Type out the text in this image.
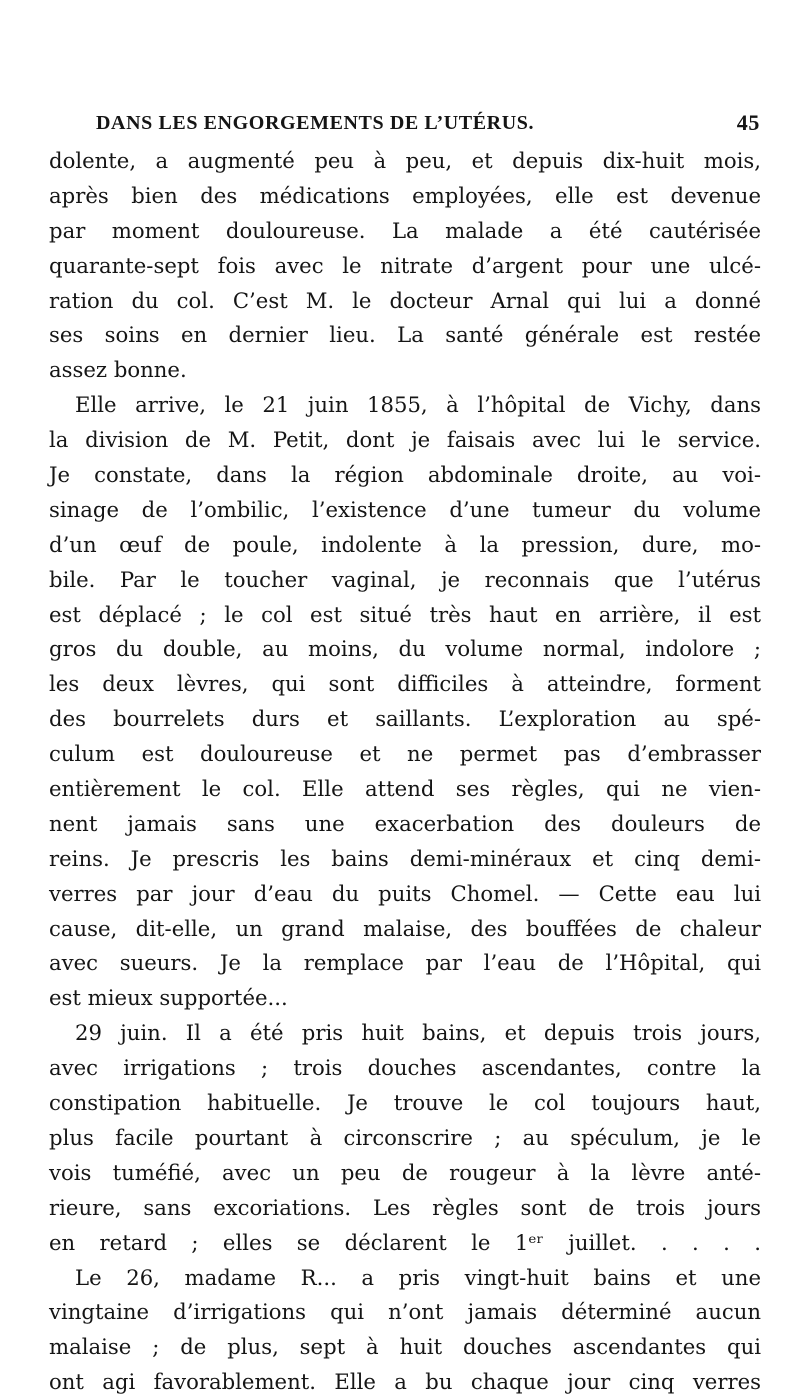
DANS LES ENGORGEMENTS DE L’UTÉRUS.	45
dolente, a augmenté peu à peu, et depuis dix-huit mois,
après bien des médications employées, elle est devenue
par moment douloureuse. La malade a été cautérisée
quarante-sept fois avec le nitrate d’argent pour une ulcé-
ration du col. C’est M. le docteur Arnal qui lui a donné
ses soins en dernier lieu. La santé générale est restée
assez bonne.
Elle arrive, le 21 juin 1855, à l’hôpital de Vichy, dans
la division de M. Petit, dont je faisais avec lui le service.
Je constate, dans la région abdominale droite, au voi-
sinage de l’ombilic, l’existence d’une tumeur du volume
d’un œuf de poule, indolente à la pression, dure, mo-
bile. Par le toucher vaginal, je reconnais que l’utérus
est déplacé ; le col est situé très haut en arrière, il est
gros du double, au moins, du volume normal, indolore ;
les deux lèvres, qui sont difficiles à atteindre, forment
des bourrelets durs et saillants. L’exploration au spé-
culum est douloureuse et ne permet pas d’embrasser
entièrement le col. Elle attend ses règles, qui ne vien-
nent jamais sans une exacerbation des douleurs de
reins. Je prescris les bains demi-minéraux et cinq demi-
verres par jour d’eau du puits Chomel. — Cette eau lui
cause, dit-elle, un grand malaise, des bouffées de chaleur
avec sueurs. Je la remplace par l’eau de l’Hôpital, qui
est mieux supportée...
29 juin. Il a été pris huit bains, et depuis trois jours,
avec irrigations ; trois douches ascendantes, contre la
constipation habituelle. Je trouve le col toujours haut,
plus facile pourtant à circonscrire ; au spéculum, je le
vois tuméfié, avec un peu de rougeur à la lèvre anté-
rieure, sans excoriations. Les règles sont de trois jours
en retard ; elles se déclarent le 1ᵉʳ juillet. . . . .
Le 26, madame R... a pris vingt-huit bains et une
vingtaine d’irrigations qui n’ont jamais déterminé aucun
malaise ; de plus, sept à huit douches ascendantes qui
ont agi favorablement. Elle a bu chaque jour cinq verres
